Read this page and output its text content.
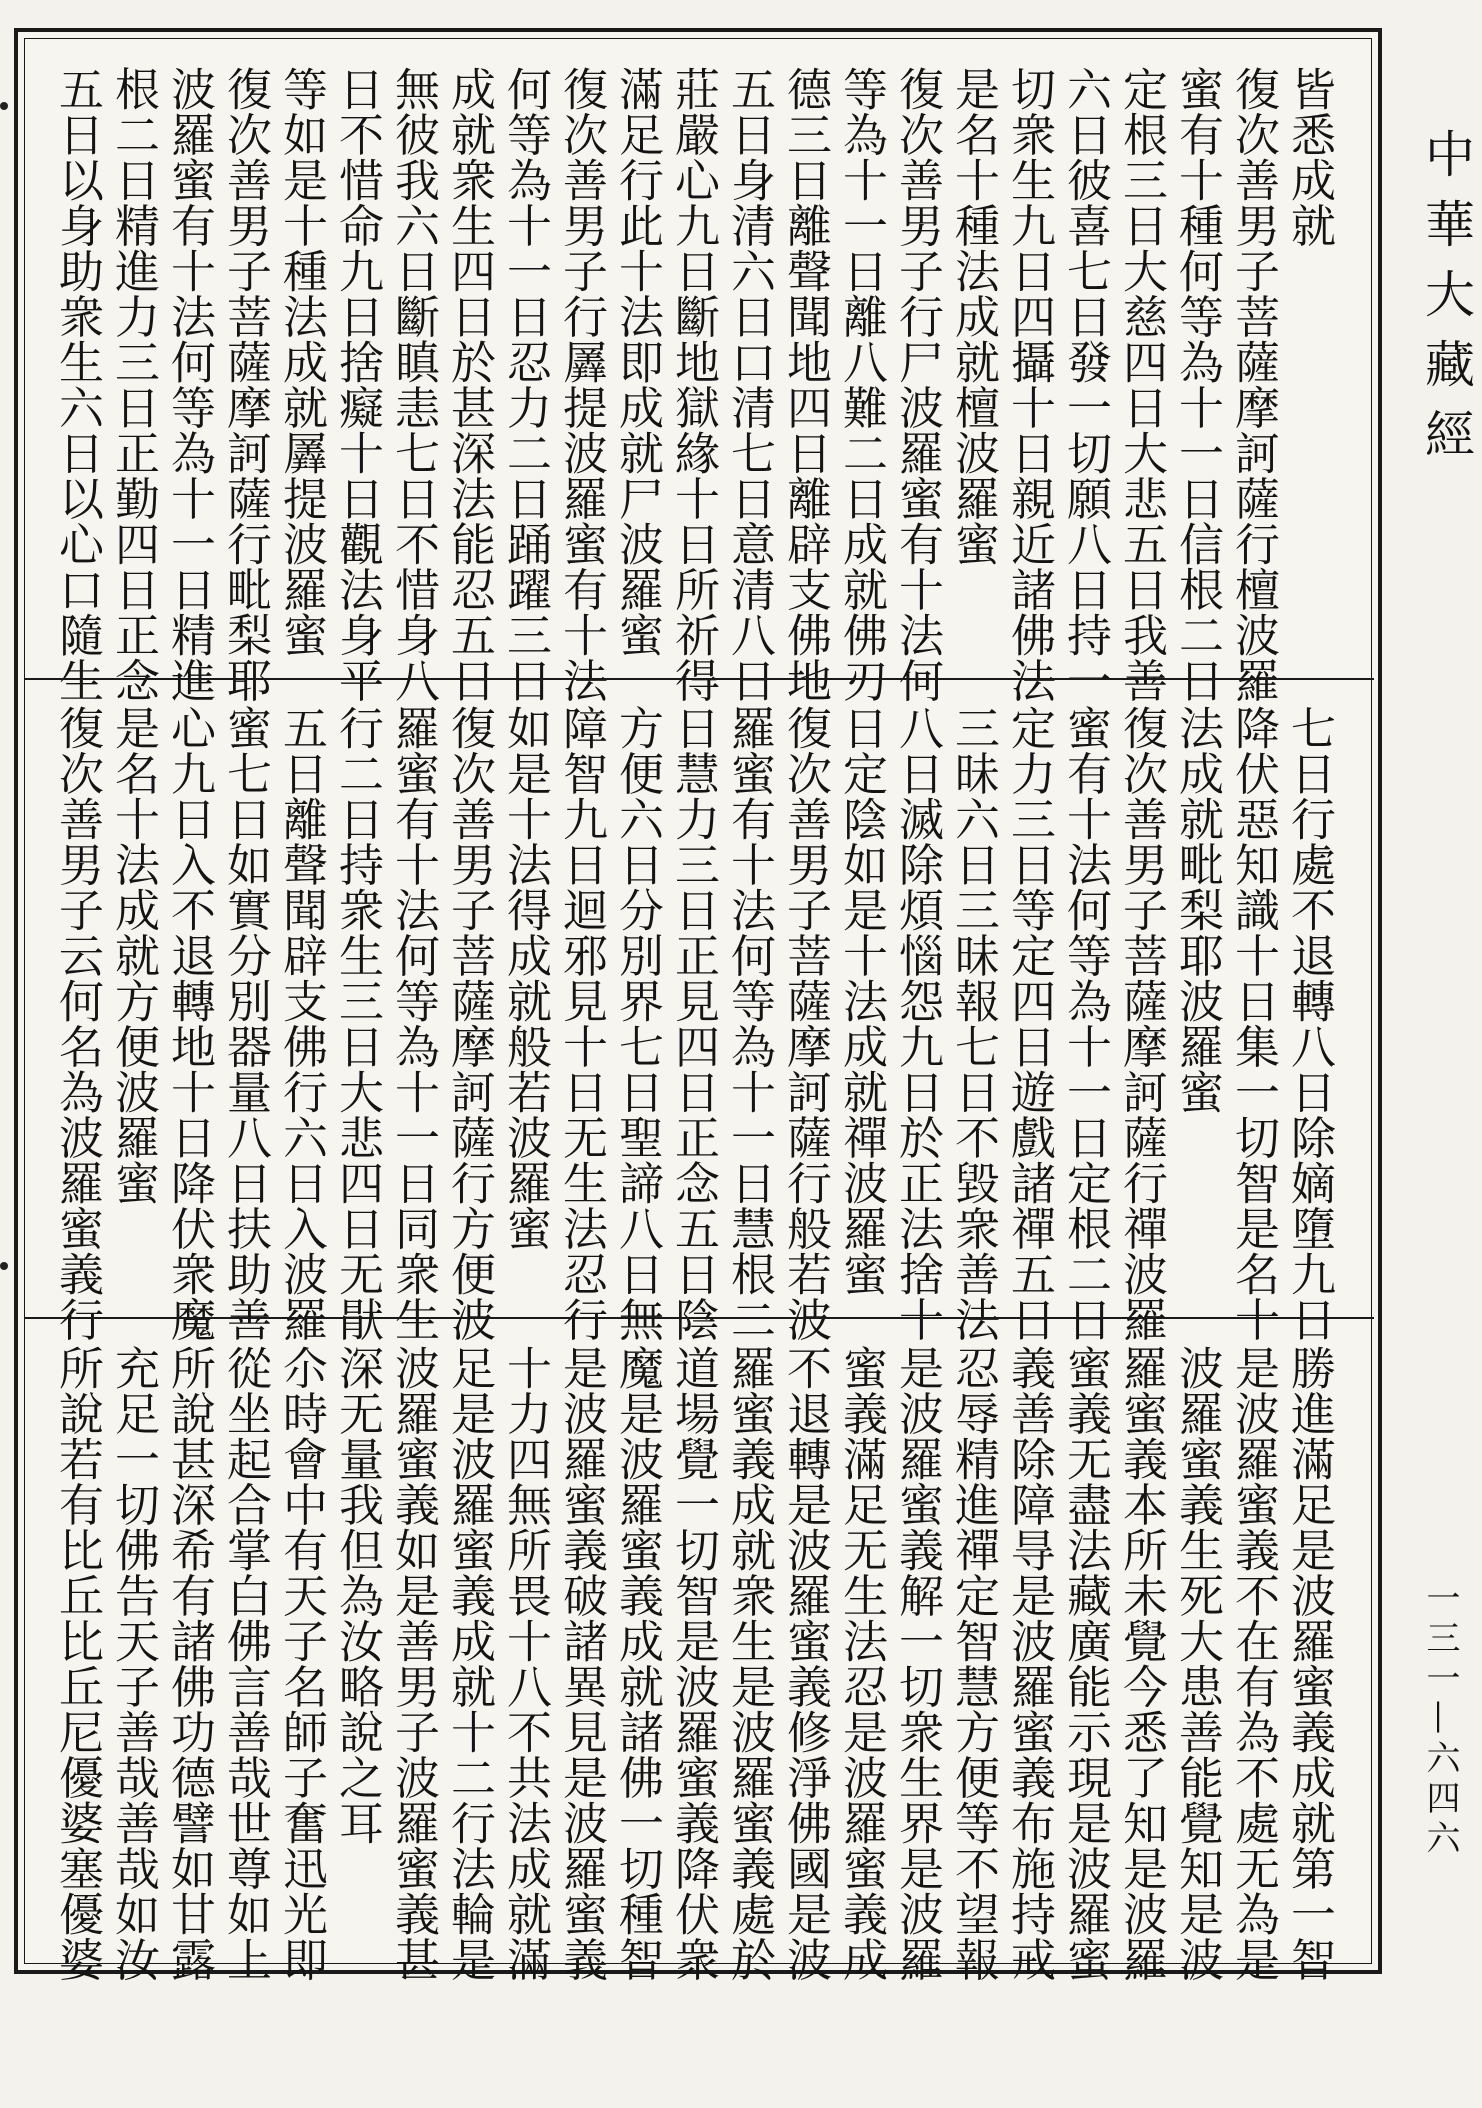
皆悉成就
復次善男子菩薩摩訶薩行檀波羅
蜜有十種何等為十一日信根二日
定根三日大慈四日大悲五日我善
六日彼喜七日發一切願八日持一
切衆生九日四攝十日親近諸佛法
是名十種法成就檀波羅蜜
復次善男子行尸波羅蜜有十法何
等為十一日離八難二日成就佛刃
德三日離聲聞地四日離辟支佛地
五日身清六日口清七日意清八日
莊嚴心九日斷地獄緣十日所祈得
滿足行此十法即成就尸波羅蜜
復次善男子行羼提波羅蜜有十法
何等為十一日忍力二日踊躍三日
成就衆生四日於甚深法能忍五日
無彼我六日斷瞋恚七日不惜身八
日不惜命九日捨癡十日觀法身平
等如是十種法成就羼提波羅蜜
復次善男子菩薩摩訶薩行毗梨耶
波羅蜜有十法何等為十一日精進
根二日精進力三日正勤四日正念
五日以身助衆生六日以心口隨生
七日行處不退轉八日除嫡墮九日
降伏惡知識十日集一切智是名十
法成就毗梨耶波羅蜜
復次善男子菩薩摩訶薩行禪波羅
蜜有十法何等為十一日定根二日
定力三日等定四日遊戲諸禪五日
三昧六日三昧報七日不毀衆善法
八日滅除煩惱怨九日於正法捨十
日定陰如是十法成就禪波羅蜜
復次善男子菩薩摩訶薩行般若波
羅蜜有十法何等為十一日慧根二
日慧力三日正見四日正念五日陰
方便六日分別界七日聖諦八日無
障智九日迴邪見十日无生法忍行
如是十法得成就般若波羅蜜
復次善男子菩薩摩訶薩行方便波
羅蜜有十法何等為十一日同衆生
行二日持衆生三日大悲四日无猒
五日離聲聞辟支佛行六日入波羅
蜜七日如實分別器量八日扶助善
心九日入不退轉地十日降伏衆魔
是名十法成就方便波羅蜜
復次善男子云何名為波羅蜜義行
勝進滿足是波羅蜜義成就第一智
是波羅蜜義不在有為不處无為是
波羅蜜義生死大患善能覺知是波
羅蜜義本所未覺今悉了知是波羅
蜜義无盡法藏廣能示現是波羅蜜
義善除障㝵是波羅蜜義布施持戒
忍辱精進禪定智慧方便等不望報
是波羅蜜義解一切衆生界是波羅
蜜義滿足无生法忍是波羅蜜義成
不退轉是波羅蜜義修淨佛國是波
羅蜜義成就衆生是波羅蜜義處於
道場覺一切智是波羅蜜義降伏衆
魔是波羅蜜義成就諸佛一切種智
是波羅蜜義破諸異見是波羅蜜義
十力四無所畏十八不共法成就滿
足是波羅蜜義成就十二行法輪是
波羅蜜義如是善男子波羅蜜義甚
深无量我但為汝略說之耳
尒時會中有天子名師子奮迅光即
從坐起合掌白佛言善哉世尊如上
所說甚深希有諸佛功德譬如甘露
充足一切佛告天子善哉善哉如汝
所說若有比丘比丘尼優婆塞優婆
中華大藏經
一三一—六四六
